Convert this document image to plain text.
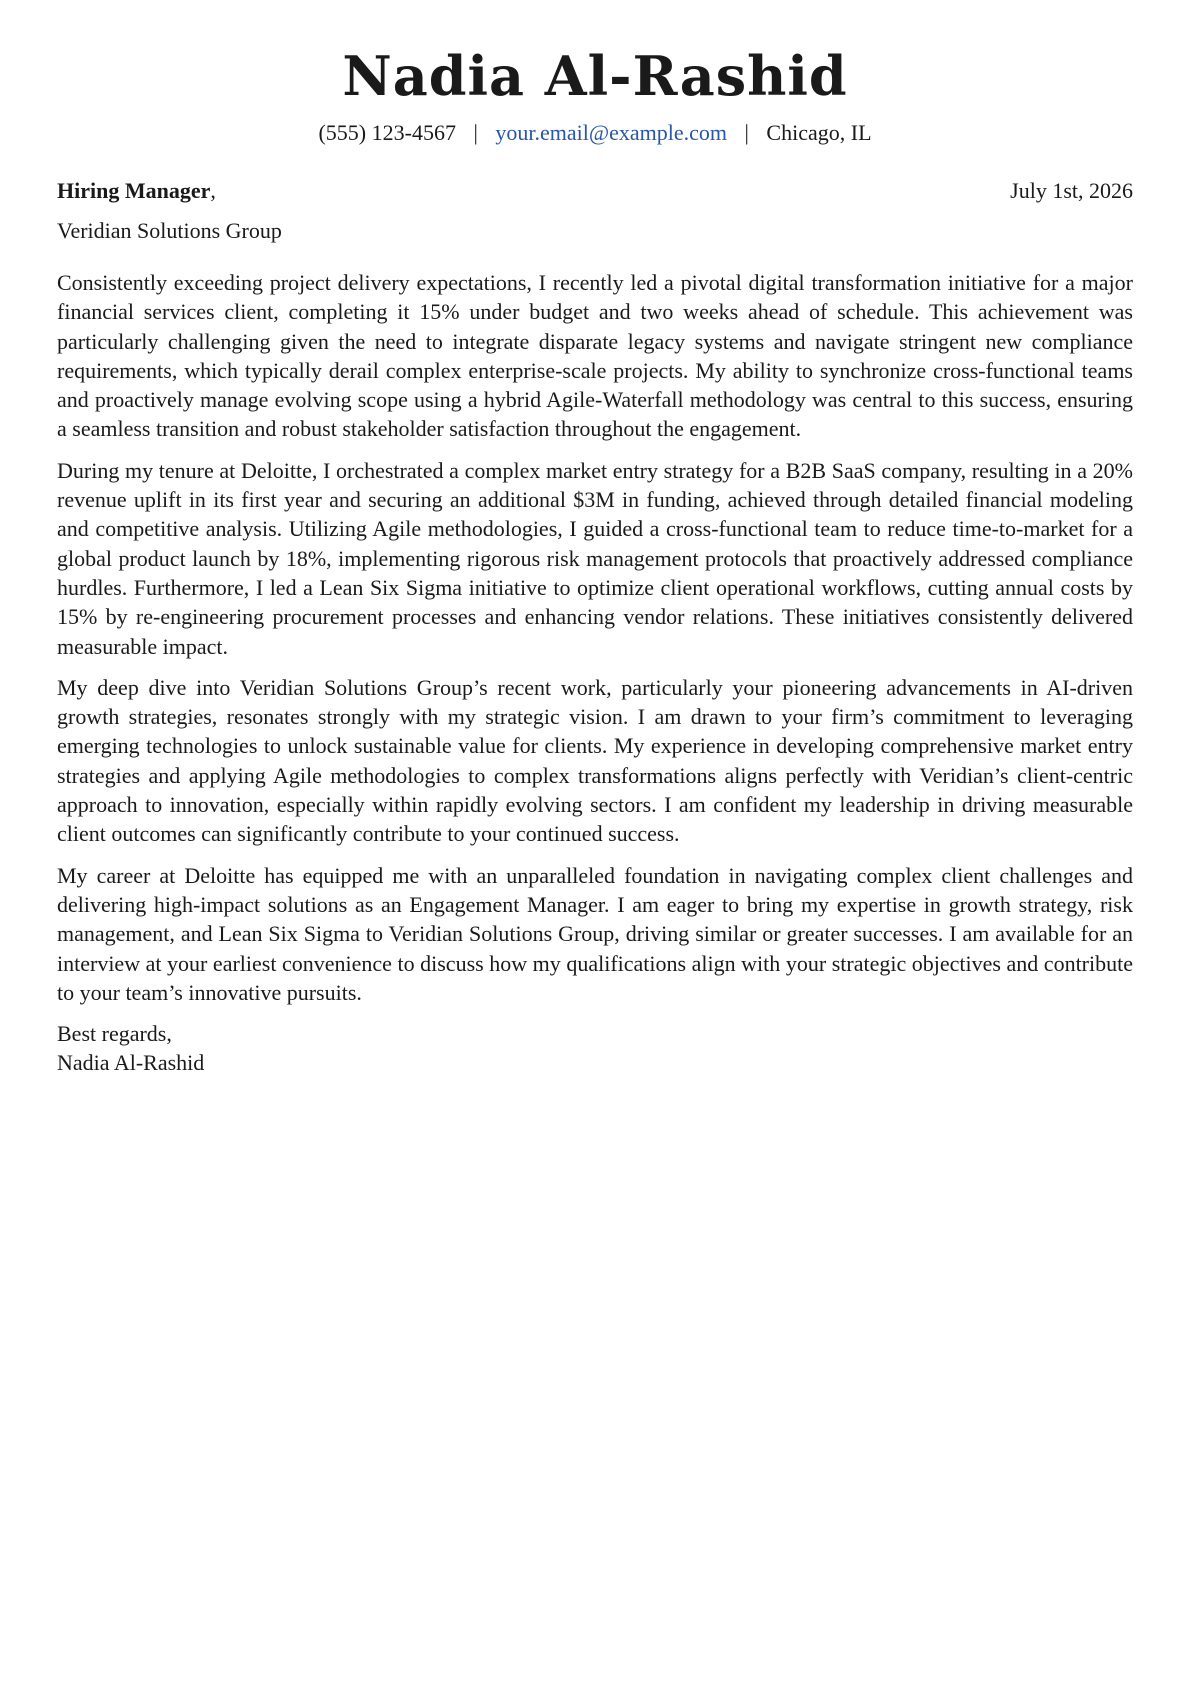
Nadia Al-Rashid
(555) 123-4567 | your.email@example.com | Chicago, IL
Hiring Manager,	July 1st, 2026
Veridian Solutions Group

Consistently exceeding project delivery expectations, I recently led a pivotal digital transformation initiative for a major financial services client, completing it 15% under budget and two weeks ahead of schedule. This achievement was particularly challenging given the need to integrate disparate legacy systems and navigate stringent new compliance requirements, which typically derail complex enterprise-scale projects. My ability to synchronize cross-functional teams and proactively manage evolving scope using a hybrid Agile-Waterfall methodology was central to this success, ensuring a seamless transition and robust stakeholder satisfaction throughout the engagement.

During my tenure at Deloitte, I orchestrated a complex market entry strategy for a B2B SaaS company, resulting in a 20% revenue uplift in its first year and securing an additional $3M in funding, achieved through detailed financial modeling and competitive analysis. Utilizing Agile methodologies, I guided a cross-functional team to reduce time-to-market for a global product launch by 18%, implementing rigorous risk management protocols that proactively addressed compliance hurdles. Furthermore, I led a Lean Six Sigma initiative to optimize client operational workflows, cutting annual costs by 15% by re-engineering procurement processes and enhancing vendor relations. These initiatives consistently delivered measurable impact.

My deep dive into Veridian Solutions Group’s recent work, particularly your pioneering advancements in AI-driven growth strategies, resonates strongly with my strategic vision. I am drawn to your firm’s commitment to leveraging emerging technologies to unlock sustainable value for clients. My experience in developing comprehensive market entry strategies and applying Agile methodologies to complex transformations aligns perfectly with Veridian’s client-centric approach to innovation, especially within rapidly evolving sectors. I am confident my leadership in driving measurable client outcomes can significantly contribute to your continued success.

My career at Deloitte has equipped me with an unparalleled foundation in navigating complex client challenges and delivering high-impact solutions as an Engagement Manager. I am eager to bring my expertise in growth strategy, risk management, and Lean Six Sigma to Veridian Solutions Group, driving similar or greater successes. I am available for an interview at your earliest convenience to discuss how my qualifications align with your strategic objectives and contribute to your team’s innovative pursuits.

Best regards,
Nadia Al-Rashid
